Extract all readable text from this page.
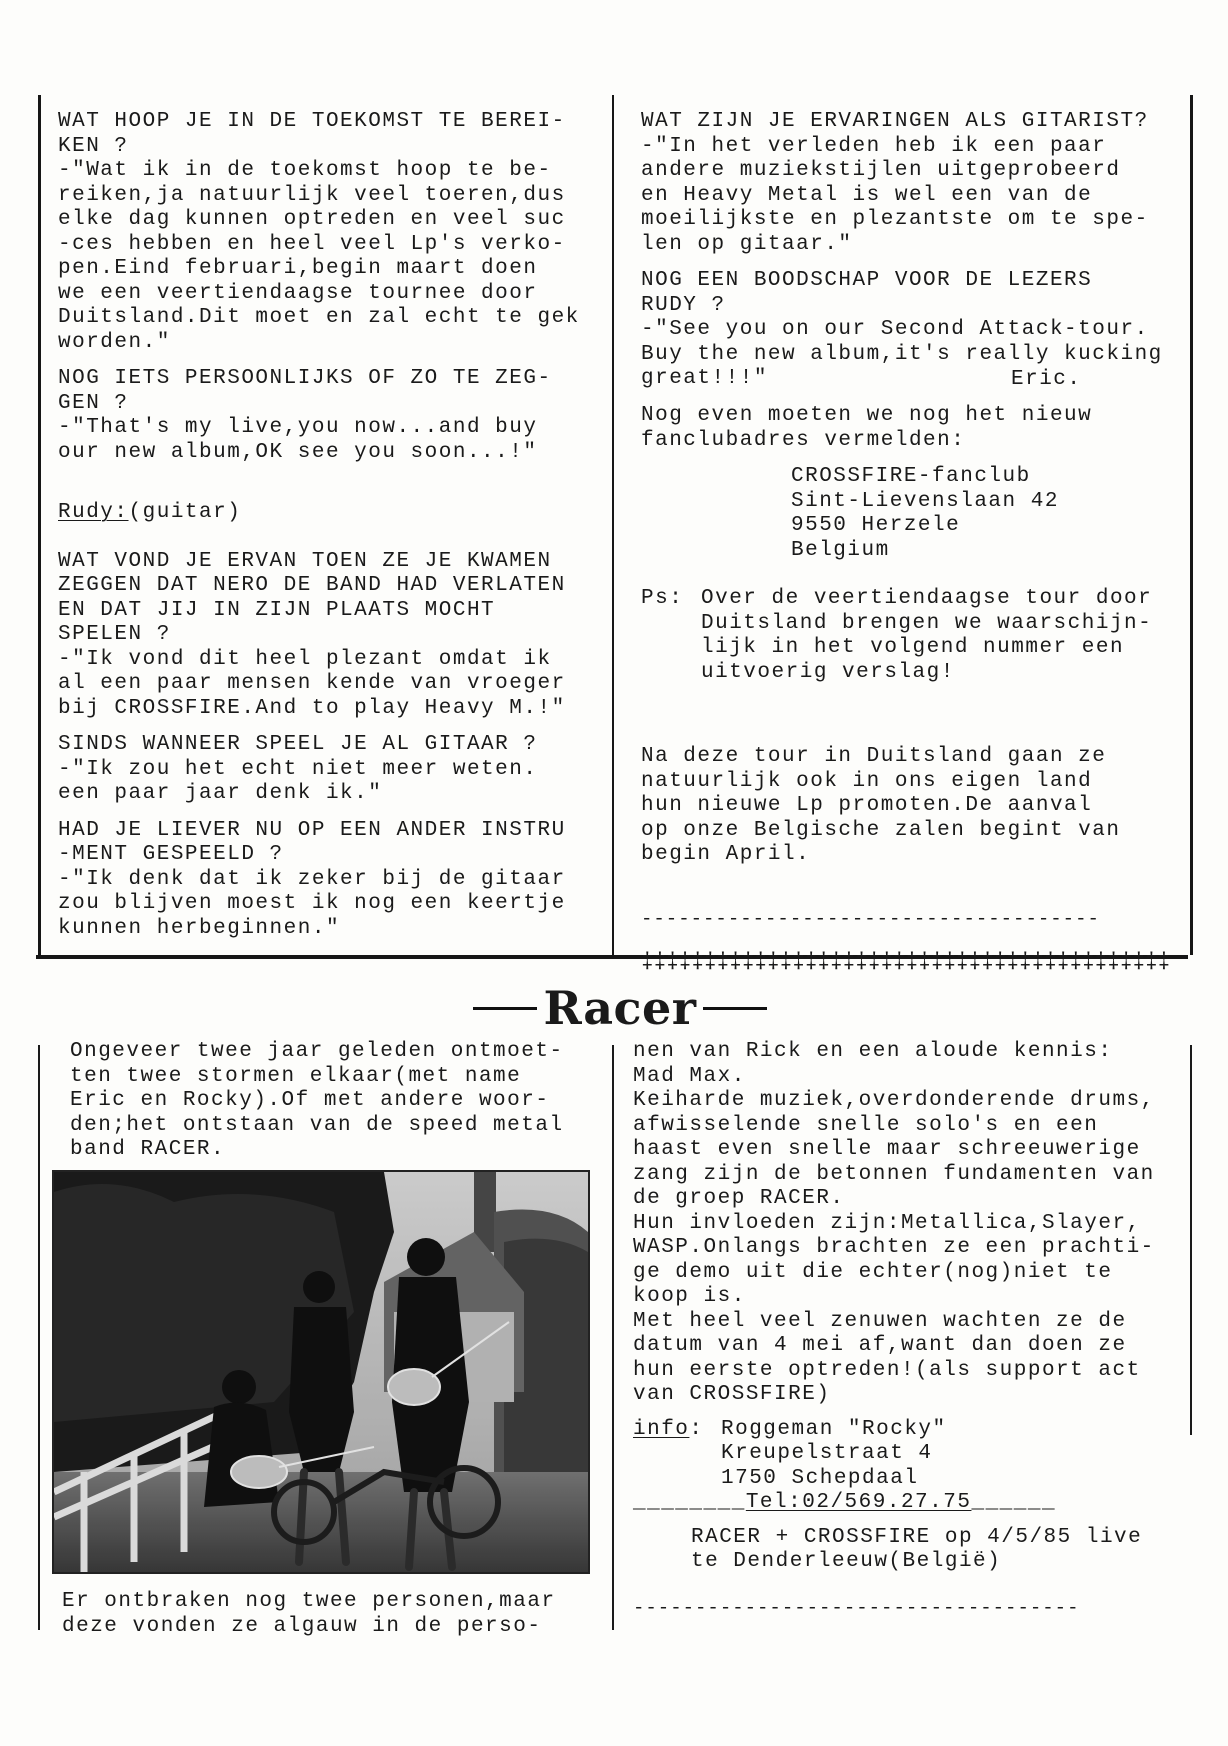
WAT HOOP JE IN DE TOEKOMST TE BEREI-

KEN ?

-"Wat ik in de toekomst hoop te be-

reiken,ja natuurlijk veel toeren,dus

elke dag kunnen optreden en veel suc

-ces hebben en heel veel Lp's verko-

pen.Eind februari,begin maart doen

we een veertiendaagse tournee door

Duitsland.Dit moet en zal echt te gek

worden."

NOG IETS PERSOONLIJKS OF ZO TE ZEG-

GEN ?

-"That's my live,you now...and buy

our new album,OK see you soon...!"

Rudy:(guitar)

WAT VOND JE ERVAN TOEN ZE JE KWAMEN

ZEGGEN DAT NERO DE BAND HAD VERLATEN

EN DAT JIJ IN ZIJN PLAATS MOCHT

SPELEN ?

-"Ik vond dit heel plezant omdat ik

al een paar mensen kende van vroeger

bij CROSSFIRE.And to play Heavy M.!"

SINDS WANNEER SPEEL JE AL GITAAR ?

-"Ik zou het echt niet meer weten.

een paar jaar denk ik."

HAD JE LIEVER NU OP EEN ANDER INSTRU

-MENT GESPEELD ?

-"Ik denk dat ik zeker bij de gitaar

zou blijven moest ik nog een keertje

kunnen herbeginnen."

WAT ZIJN JE ERVARINGEN ALS GITARIST?

-"In het verleden heb ik een paar

andere muziekstijlen uitgeprobeerd

en Heavy Metal is wel een van de

moeilijkste en plezantste om te spe-

len op gitaar."

NOG EEN BOODSCHAP VOOR DE LEZERS

RUDY ?

-"See you on our Second Attack-tour.

Buy the new album,it's really kucking

great!!!"	Eric.

Nog even moeten we nog het nieuw

fanclubadres vermelden:

CROSSFIRE-fanclub

Sint-Lievenslaan 42

9550 Herzele

Belgium

Ps: Over de veertiendaagse tour door

Duitsland brengen we waarschijn-

lijk in het volgend nummer een

uitvoerig verslag!

Na deze tour in Duitsland gaan ze

natuurlijk ook in ons eigen land

hun nieuwe Lp promoten.De aanval

op onze Belgische zalen begint van

begin April.

-------------------------------------

‡‡‡‡‡‡‡‡‡‡‡‡‡‡‡‡‡‡‡‡‡‡‡‡‡‡‡‡‡‡‡‡‡‡‡‡‡‡‡‡‡‡

Racer

Ongeveer twee jaar geleden ontmoet-

ten twee stormen elkaar(met name

Eric en Rocky).Of met andere woor-

den;het ontstaan van de speed metal

band RACER.

Er ontbraken nog twee personen,maar

deze vonden ze algauw in de perso-

nen van Rick en een aloude kennis:

Mad Max.

Keiharde muziek,overdonderende drums,

afwisselende snelle solo's en een

haast even snelle maar schreeuwerige

zang zijn de betonnen fundamenten van

de groep RACER.

Hun invloeden zijn:Metallica,Slayer,

WASP.Onlangs brachten ze een prachti-

ge demo uit die echter(nog)niet te

koop is.

Met heel veel zenuwen wachten ze de

datum van 4 mei af,want dan doen ze

hun eerste optreden!(als support act

van CROSSFIRE)

info: Roggeman "Rocky"

Kreupelstraat 4

1750 Schepdaal

________Tel:02/569.27.75______

RACER + CROSSFIRE op 4/5/85 live

te Denderleeuw(België)

------------------------------------
